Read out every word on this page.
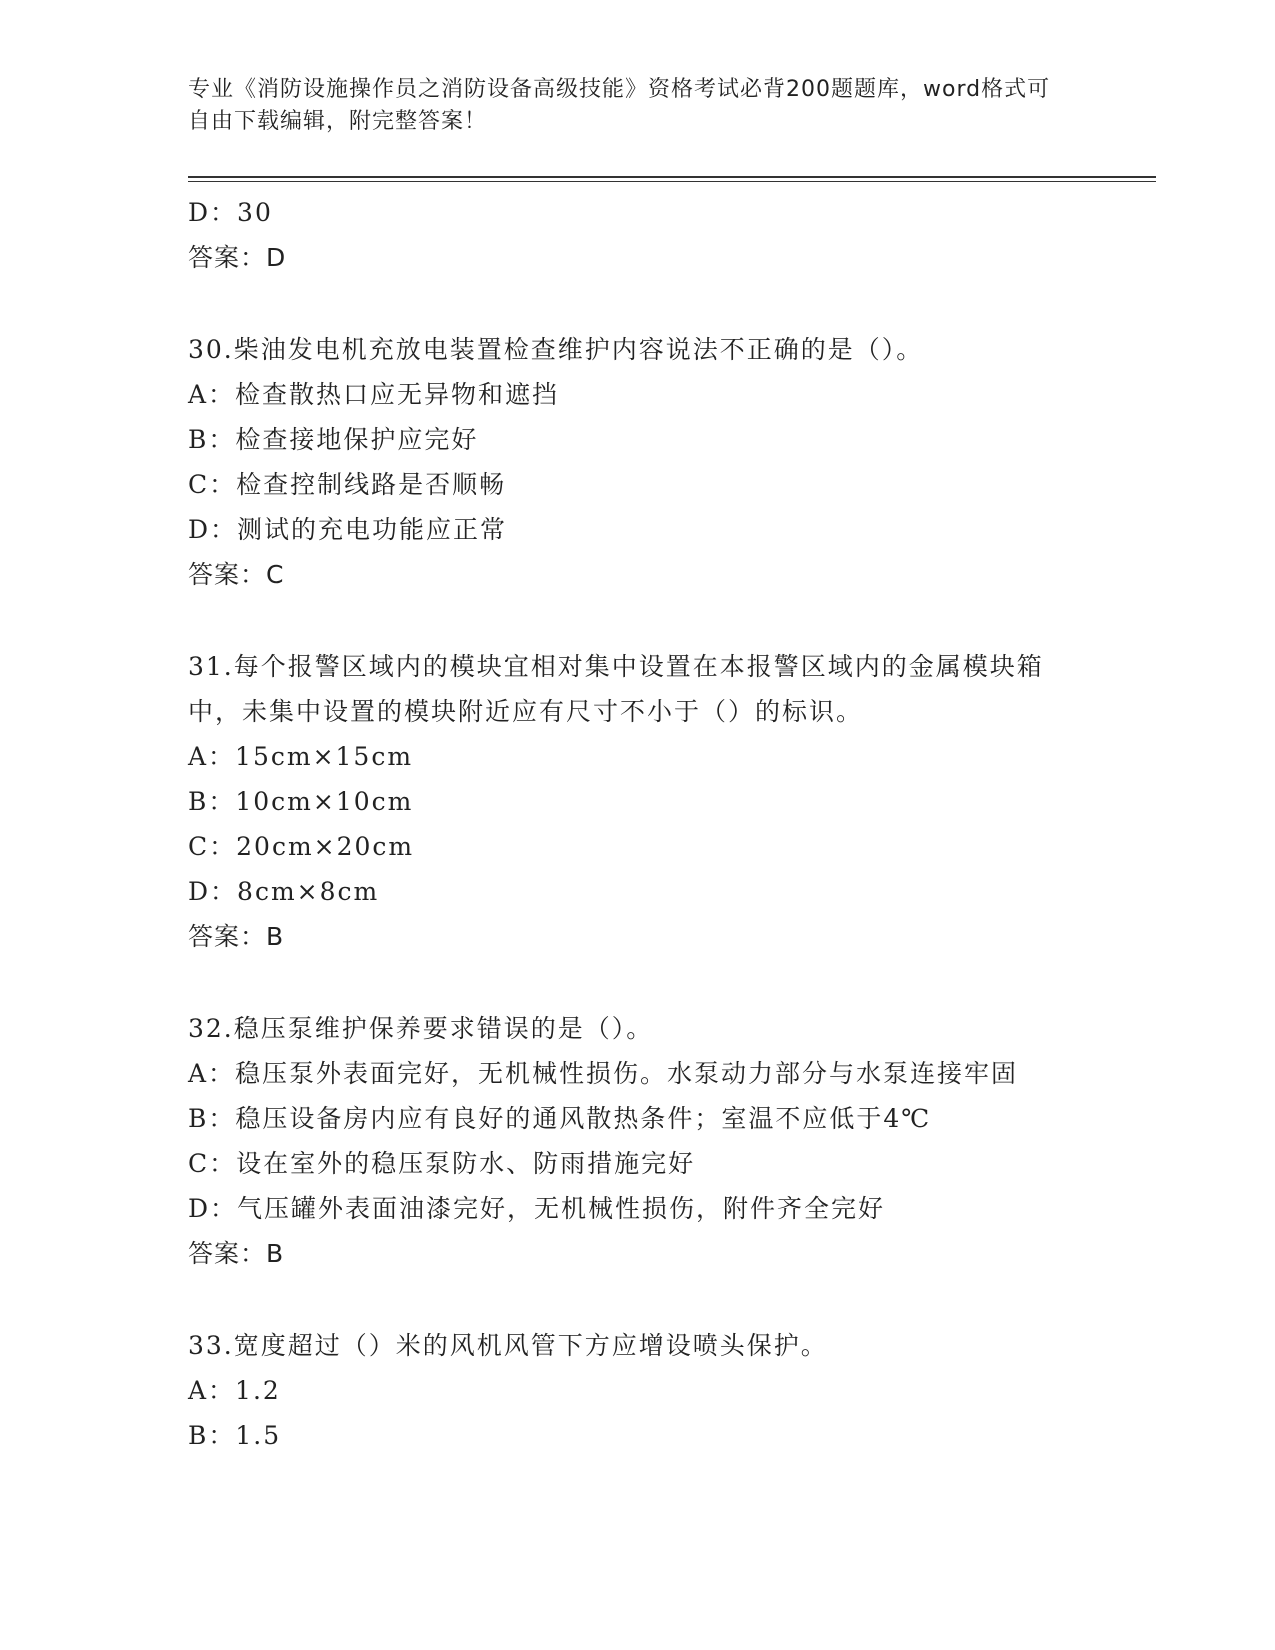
专业《消防设施操作员之消防设备高级技能》资格考试必背200题题库，word格式可自由下载编辑，附完整答案！
D：30
答案：D
30.柴油发电机充放电装置检查维护内容说法不正确的是（）。
A：检查散热口应无异物和遮挡
B：检查接地保护应完好
C：检查控制线路是否顺畅
D：测试的充电功能应正常
答案：C
31.每个报警区域内的模块宜相对集中设置在本报警区域内的金属模块箱中，未集中设置的模块附近应有尺寸不小于（）的标识。
A：15cm×15cm
B：10cm×10cm
C：20cm×20cm
D：8cm×8cm
答案：B
32.稳压泵维护保养要求错误的是（）。
A：稳压泵外表面完好，无机械性损伤。水泵动力部分与水泵连接牢固
B：稳压设备房内应有良好的通风散热条件；室温不应低于4℃
C：设在室外的稳压泵防水、防雨措施完好
D：气压罐外表面油漆完好，无机械性损伤，附件齐全完好
答案：B
33.宽度超过（）米的风机风管下方应增设喷头保护。
A：1.2
B：1.5
